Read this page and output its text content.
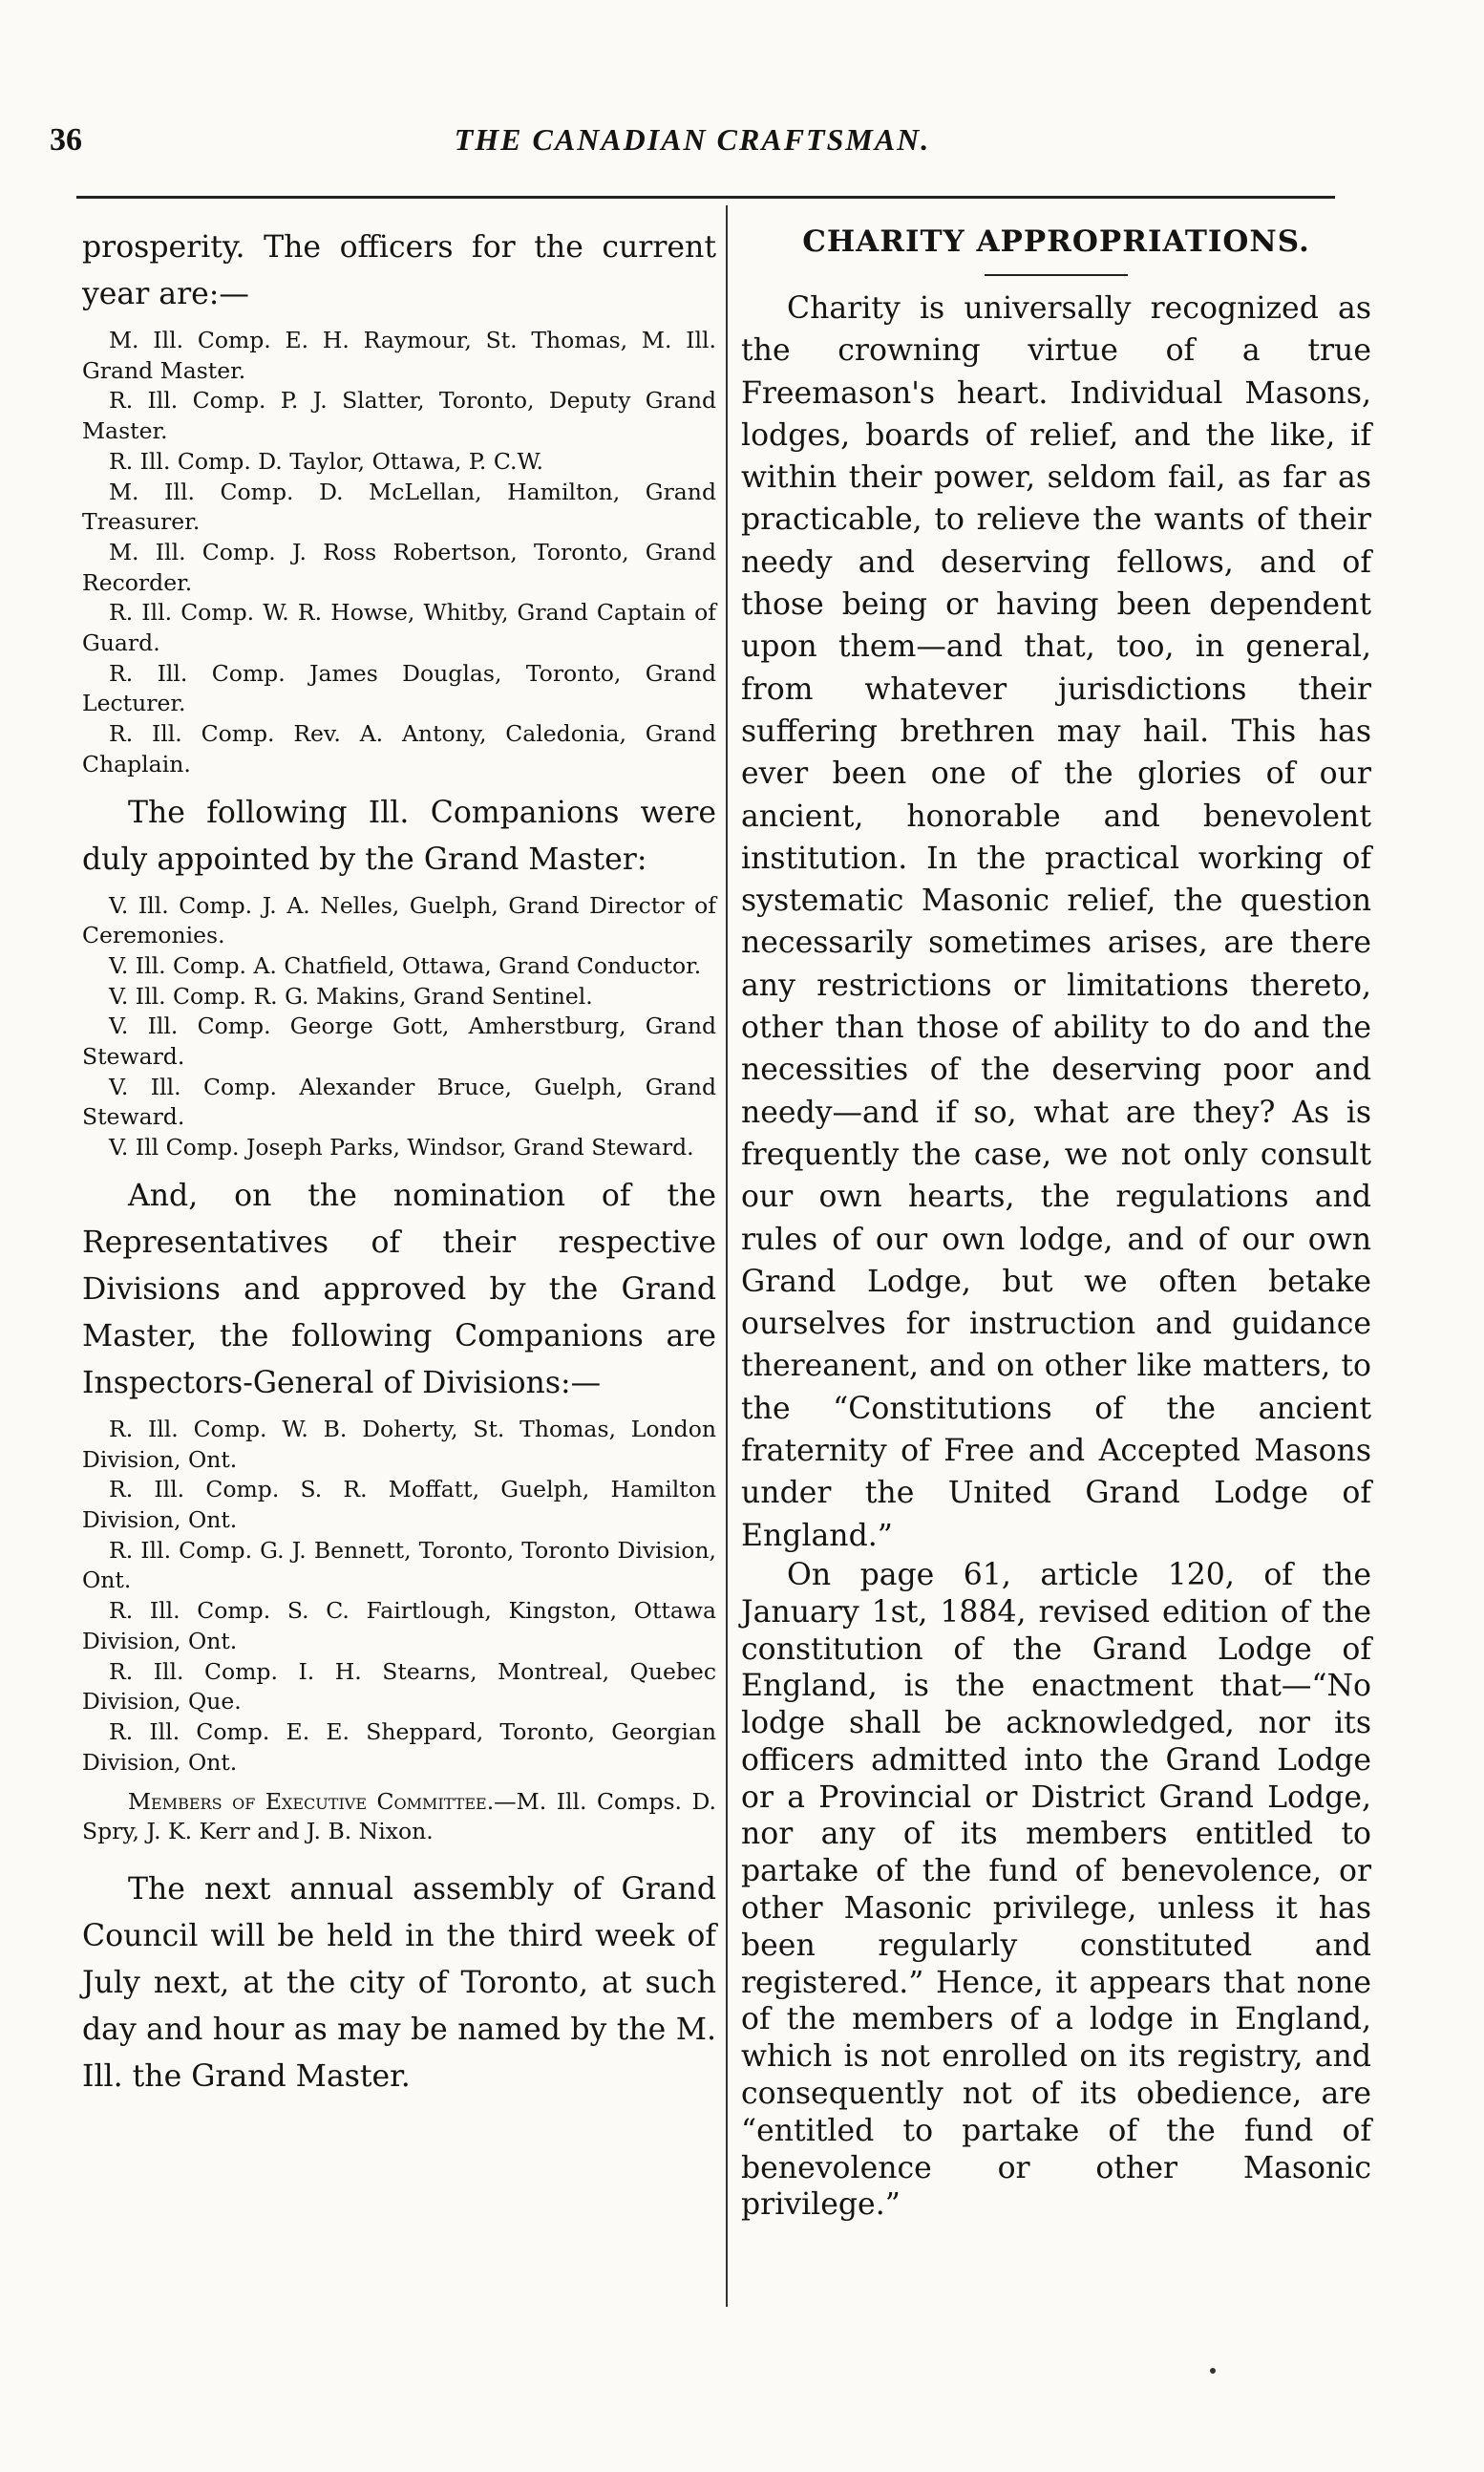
36	THE CANADIAN CRAFTSMAN.

prosperity. The officers for the current year are:—

M. Ill. Comp. E. H. Raymour, St. Thomas, M. Ill. Grand Master.
R. Ill. Comp. P. J. Slatter, Toronto, Deputy Grand Master.
R. Ill. Comp. D. Taylor, Ottawa, P. C.W.
M. Ill. Comp. D. McLellan, Hamilton, Grand Treasurer.
M. Ill. Comp. J. Ross Robertson, Toronto, Grand Recorder.
R. Ill. Comp. W. R. Howse, Whitby, Grand Captain of Guard.
R. Ill. Comp. James Douglas, Toronto, Grand Lecturer.
R. Ill. Comp. Rev. A. Antony, Caledonia, Grand Chaplain.

The following Ill. Companions were duly appointed by the Grand Master:

V. Ill. Comp. J. A. Nelles, Guelph, Grand Director of Ceremonies.
V. Ill. Comp. A. Chatfield, Ottawa, Grand Conductor.
V. Ill. Comp. R. G. Makins, Grand Sentinel.
V. Ill. Comp. George Gott, Amherstburg, Grand Steward.
V. Ill. Comp. Alexander Bruce, Guelph, Grand Steward.
V. Ill Comp. Joseph Parks, Windsor, Grand Steward.

And, on the nomination of the Representatives of their respective Divisions and approved by the Grand Master, the following Companions are Inspectors-General of Divisions:—

R. Ill. Comp. W. B. Doherty, St. Thomas, London Division, Ont.
R. Ill. Comp. S. R. Moffatt, Guelph, Hamilton Division, Ont.
R. Ill. Comp. G. J. Bennett, Toronto, Toronto Division, Ont.
R. Ill. Comp. S. C. Fairtlough, Kingston, Ottawa Division, Ont.
R. Ill. Comp. I. H. Stearns, Montreal, Quebec Division, Que.
R. Ill. Comp. E. E. Sheppard, Toronto, Georgian Division, Ont.

Members of Executive Committee.—M. Ill. Comps. D. Spry, J. K. Kerr and J. B. Nixon.

The next annual assembly of Grand Council will be held in the third week of July next, at the city of Toronto, at such day and hour as may be named by the M. Ill. the Grand Master.

CHARITY APPROPRIATIONS.

Charity is universally recognized as the crowning virtue of a true Freemason's heart. Individual Masons, lodges, boards of relief, and the like, if within their power, seldom fail, as far as practicable, to relieve the wants of their needy and deserving fellows, and of those being or having been dependent upon them—and that, too, in general, from whatever jurisdictions their suffering brethren may hail. This has ever been one of the glories of our ancient, honorable and benevolent institution. In the practical working of systematic Masonic relief, the question necessarily sometimes arises, are there any restrictions or limitations thereto, other than those of ability to do and the necessities of the deserving poor and needy—and if so, what are they? As is frequently the case, we not only consult our own hearts, the regulations and rules of our own lodge, and of our own Grand Lodge, but we often betake ourselves for instruction and guidance thereanent, and on other like matters, to the “Constitutions of the ancient fraternity of Free and Accepted Masons under the United Grand Lodge of England.”

On page 61, article 120, of the January 1st, 1884, revised edition of the constitution of the Grand Lodge of England, is the enactment that—“No lodge shall be acknowledged, nor its officers admitted into the Grand Lodge or a Provincial or District Grand Lodge, nor any of its members entitled to partake of the fund of benevolence, or other Masonic privilege, unless it has been regularly constituted and registered.” Hence, it appears that none of the members of a lodge in England, which is not enrolled on its registry, and consequently not of its obedience, are “entitled to partake of the fund of benevolence or other Masonic privilege.”
